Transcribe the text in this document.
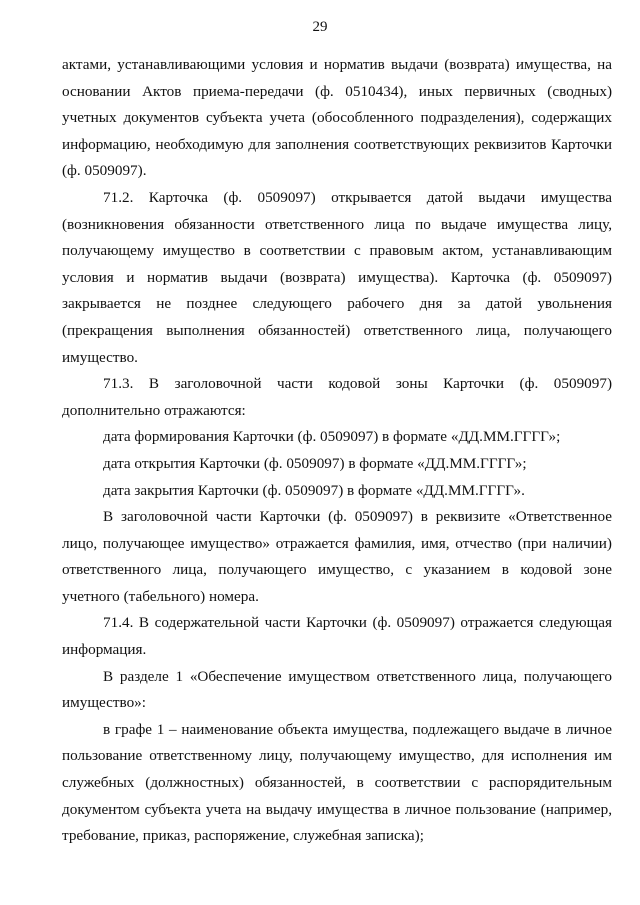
29

актами, устанавливающими условия и норматив выдачи (возврата) имущества, на основании Актов приема-передачи (ф. 0510434), иных первичных (сводных) учетных документов субъекта учета (обособленного подразделения), содержащих информацию, необходимую для заполнения соответствующих реквизитов Карточки (ф. 0509097).

71.2. Карточка (ф. 0509097) открывается датой выдачи имущества (возникновения обязанности ответственного лица по выдаче имущества лицу, получающему имущество в соответствии с правовым актом, устанавливающим условия и норматив выдачи (возврата) имущества). Карточка (ф. 0509097) закрывается не позднее следующего рабочего дня за датой увольнения (прекращения выполнения обязанностей) ответственного лица, получающего имущество.

71.3. В заголовочной части кодовой зоны Карточки (ф. 0509097) дополнительно отражаются:

дата формирования Карточки (ф. 0509097) в формате «ДД.ММ.ГГГГ»;

дата открытия Карточки (ф. 0509097) в формате «ДД.ММ.ГГГГ»;

дата закрытия Карточки (ф. 0509097) в формате «ДД.ММ.ГГГГ».

В заголовочной части Карточки (ф. 0509097) в реквизите «Ответственное лицо, получающее имущество» отражается фамилия, имя, отчество (при наличии) ответственного лица, получающего имущество, с указанием в кодовой зоне учетного (табельного) номера.

71.4. В содержательной части Карточки (ф. 0509097) отражается следующая информация.

В разделе 1 «Обеспечение имуществом ответственного лица, получающего имущество»:

в графе 1 – наименование объекта имущества, подлежащего выдаче в личное пользование ответственному лицу, получающему имущество, для исполнения им служебных (должностных) обязанностей, в соответствии с распорядительным документом субъекта учета на выдачу имущества в личное пользование (например, требование, приказ, распоряжение, служебная записка);
